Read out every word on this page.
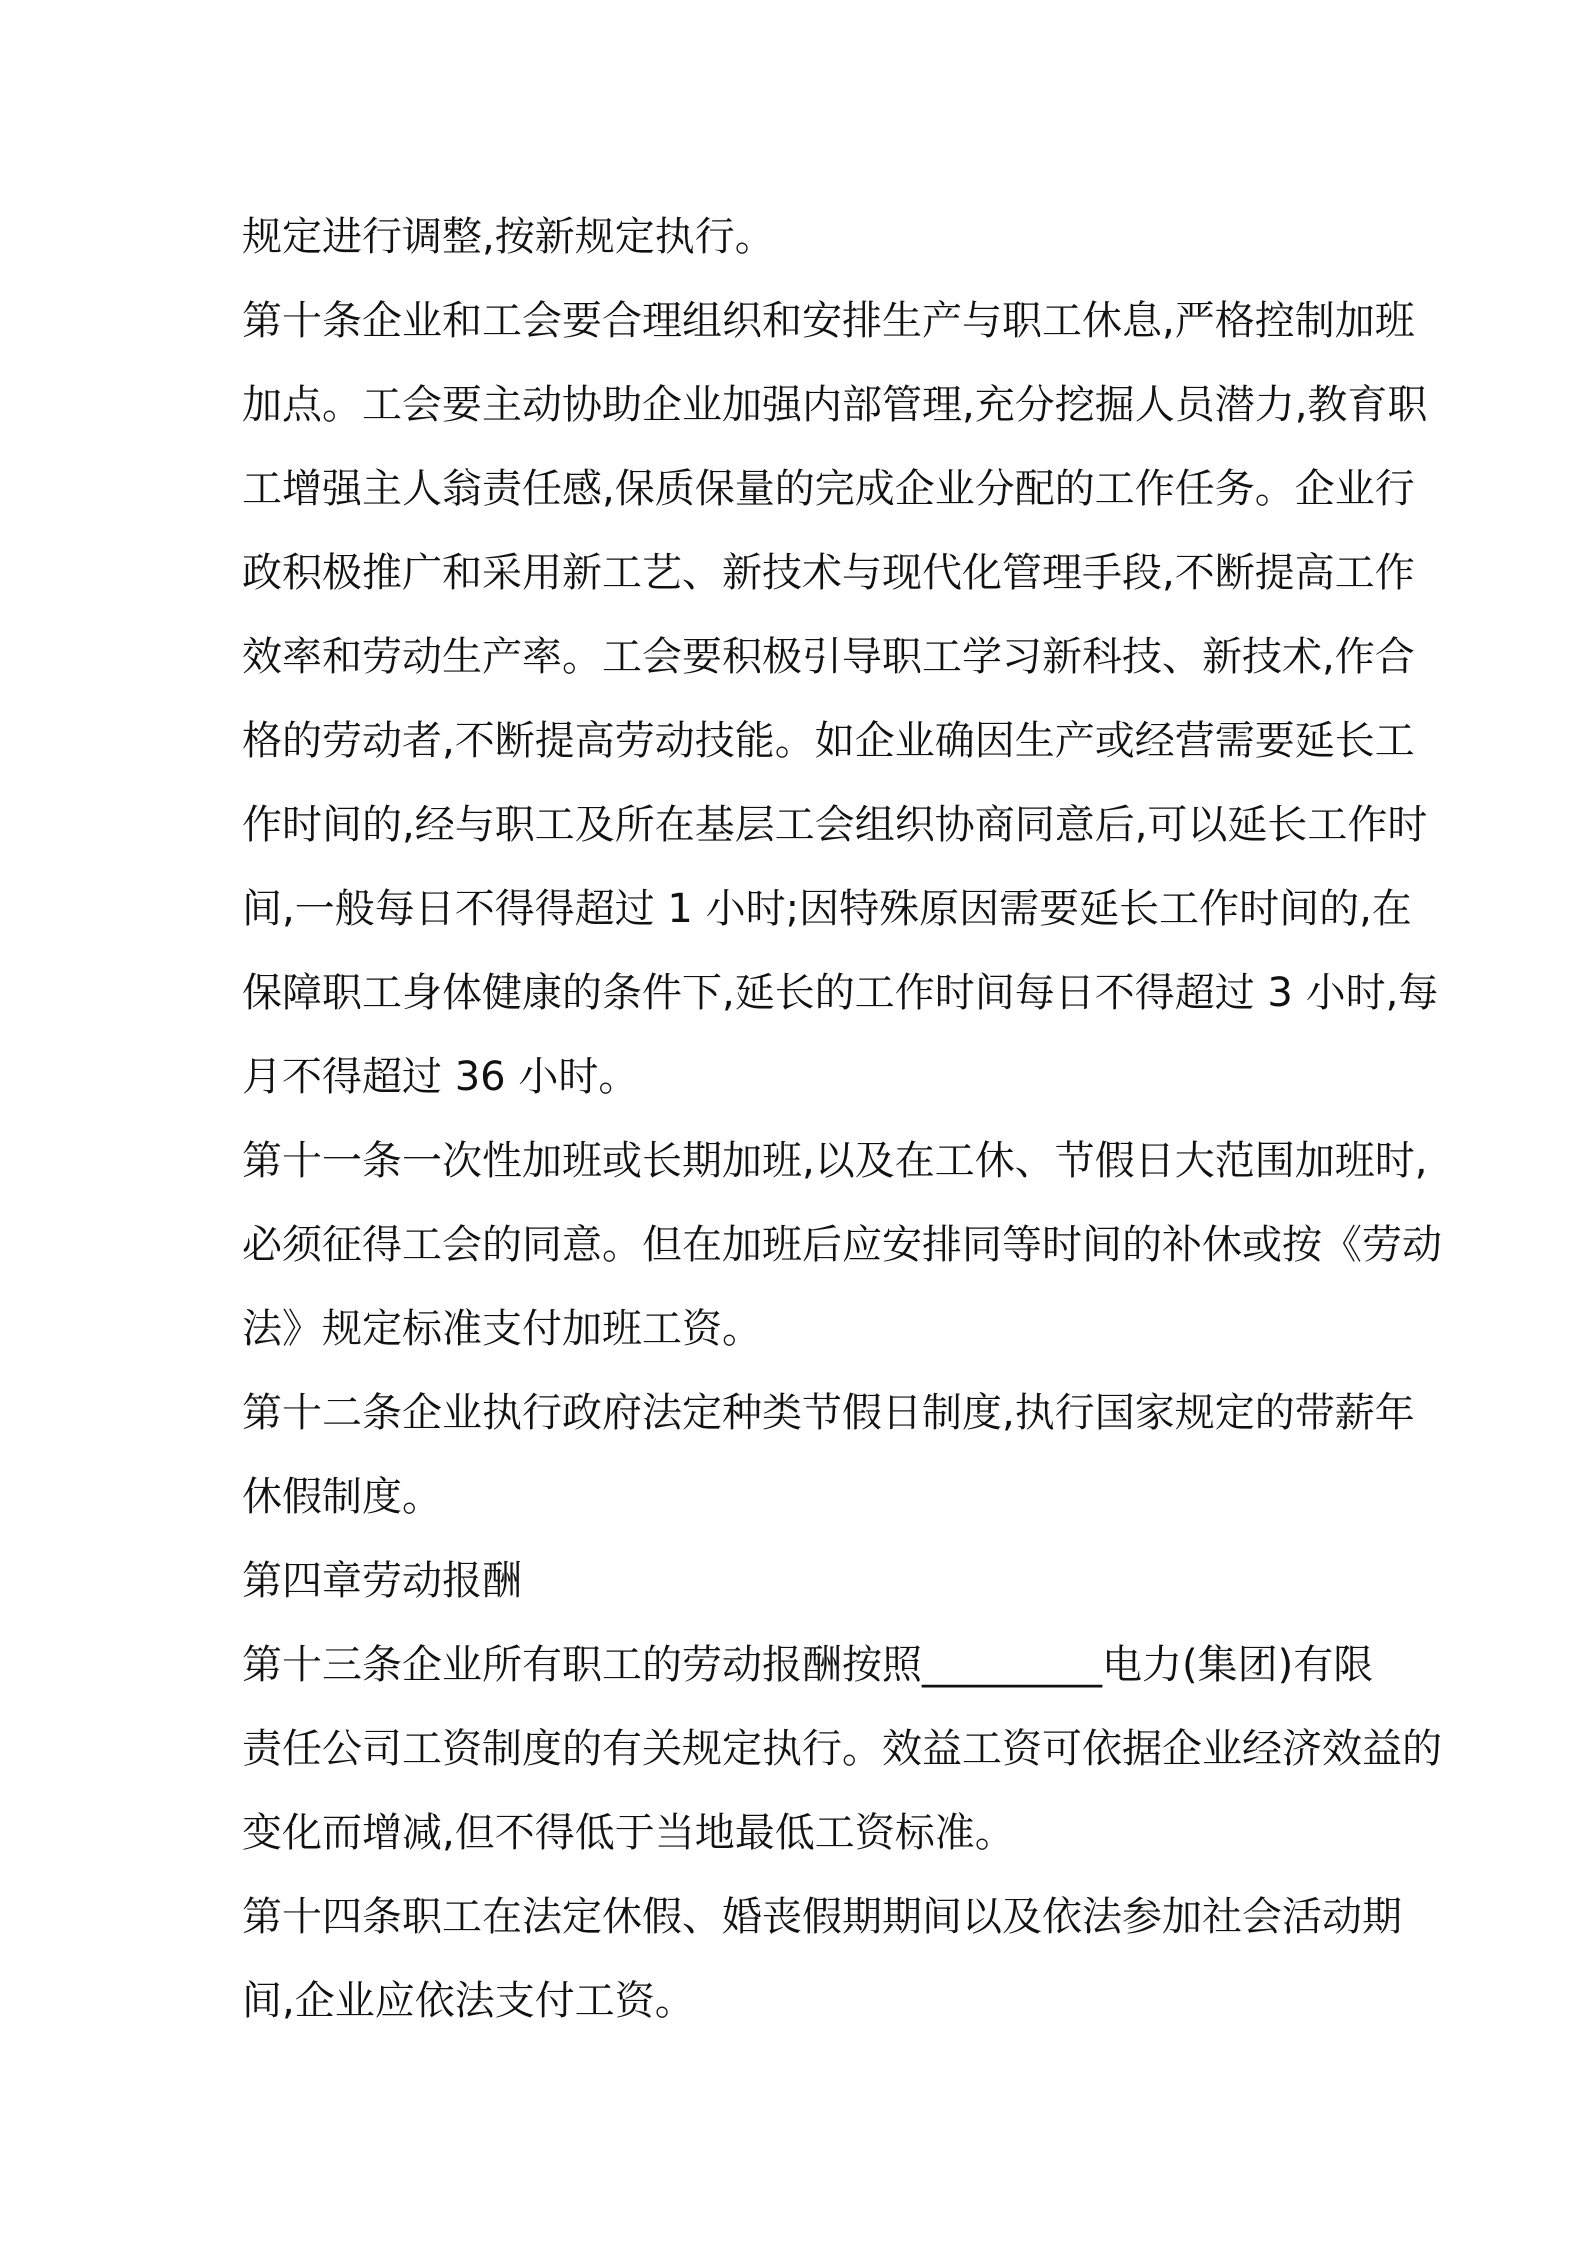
规定进行调整,按新规定执行。
第十条企业和工会要合理组织和安排生产与职工休息,严格控制加班
加点。工会要主动协助企业加强内部管理,充分挖掘人员潜力,教育职
工增强主人翁责任感,保质保量的完成企业分配的工作任务。企业行
政积极推广和采用新工艺、新技术与现代化管理手段,不断提高工作
效率和劳动生产率。工会要积极引导职工学习新科技、新技术,作合
格的劳动者,不断提高劳动技能。如企业确因生产或经营需要延长工
作时间的,经与职工及所在基层工会组织协商同意后,可以延长工作时
间,一般每日不得得超过 1 小时;因特殊原因需要延长工作时间的,在
保障职工身体健康的条件下,延长的工作时间每日不得超过 3 小时,每
月不得超过 36 小时。
第十一条一次性加班或长期加班,以及在工休、节假日大范围加班时,
必须征得工会的同意。但在加班后应安排同等时间的补休或按《劳动
法》规定标准支付加班工资。
第十二条企业执行政府法定种类节假日制度,执行国家规定的带薪年
休假制度。
第四章劳动报酬
第十三条企业所有职工的劳动报酬按照_________电力(集团)有限
责任公司工资制度的有关规定执行。效益工资可依据企业经济效益的
变化而增减,但不得低于当地最低工资标准。
第十四条职工在法定休假、婚丧假期期间以及依法参加社会活动期
间,企业应依法支付工资。
